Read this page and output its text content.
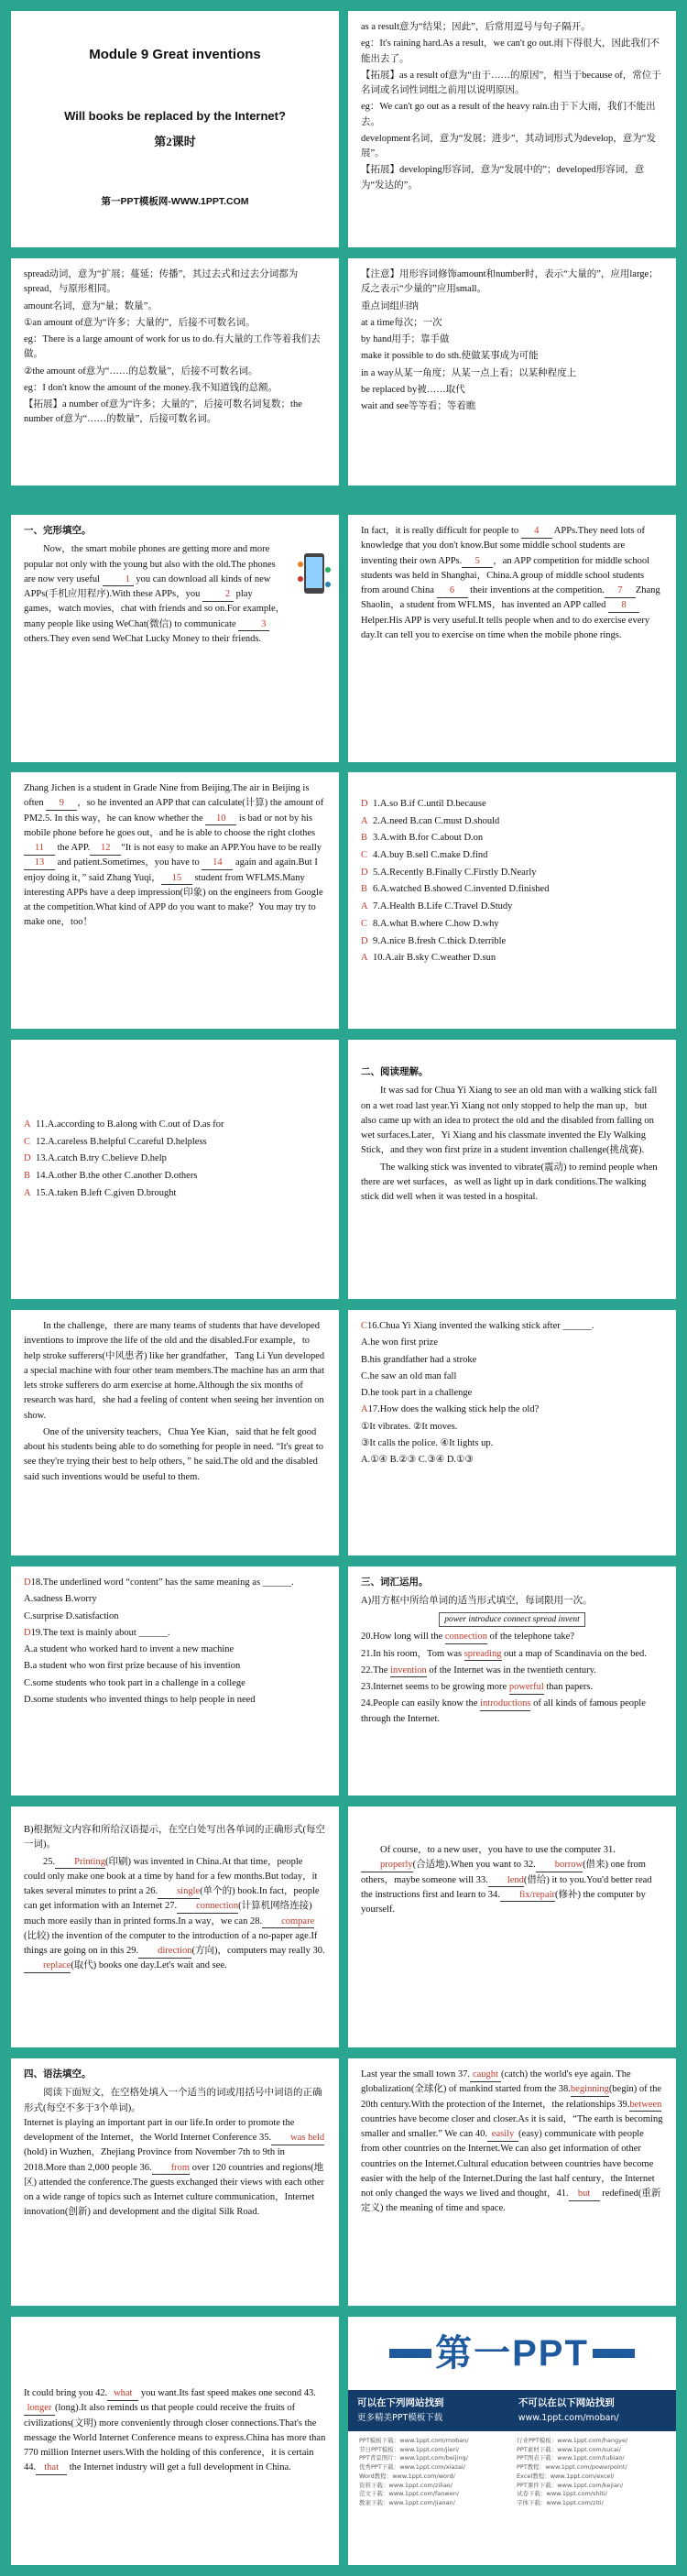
Module 9 Great inventions
Will books be replaced by the Internet?
第2课时
第一PPT模板网-WWW.1PPT.COM
as a result意为“结果；因此”，后常用逗号与句子隔开。
eg：It's raining hard.As a result，we can't go out.雨下得很大，因此我们不能出去了。
【拓展】as a result of意为“由于……的原因”，相当于because of，常位于名词或名词性词组之前用以说明原因。
eg：We can't go out as a result of the heavy rain.由于下大雨，我们不能出去。
development名词，意为“发展；进步”，其动词形式为develop，意为“发展”。
【拓展】developing形容词，意为“发展中的”；developed形容词，意为“发达的”。
spread动词，意为“扩展；蔓延；传播”，其过去式和过去分词都为spread，与原形相同。
amount名词，意为“量；数量”。
①an amount of意为“许多；大量的”，后接不可数名词。
eg：There is a large amount of work for us to do.有大量的工作等着我们去做。
②the amount of意为“……的总数量”，后接不可数名词。
eg：I don't know the amount of the money.我不知道钱的总额。
【拓展】a number of意为“许多；大量的”，后接可数名词复数；the number of意为“……的数量”，后接可数名词。
【注意】用形容词修饰amount和number时，表示“大量的”，应用large；反之表示“少量的”应用small。
重点词组归纳
at a time每次；一次
by hand用手；靠手做
make it possible to do sth.使做某事成为可能
in a way从某一角度；从某一点上看；以某种程度上
be replaced by被……取代
wait and see等等看；等着瞧
一、完形填空。
Now，the smart mobile phones are getting more and more popular not only with the young but also with the old.The phones are now very useful 1 you can download all kinds of new APPs(手机应用程序).With these APPs，you 2 play games，watch movies，chat with friends and so on.For example，many people like using WeChat(微信) to communicate 3 others.They even send WeChat Lucky Money to their friends.
In fact，it is really difficult for people to 4 APPs.They need lots of knowledge that you don't know.But some middle school students are inventing their own APPs. 5 ，an APP competition for middle school students was held in Shanghai，China.A group of middle school students from around China 6 their inventions at the competition. 7 Zhang Shaolin，a student from WFLMS，has invented an APP called 8 Helper.His APP is very useful.It tells people when and to do exercise every day.It can tell you to exercise on time when the mobile phone rings.
Zhang Jichen is a student in Grade Nine from Beijing.The air in Beijing is often 9 ，so he invented an APP that can calculate(计算) the amount of PM2.5. In this way，he can know whether the 10 is bad or not by his mobile phone before he goes out，and he is able to choose the right clothes 11 the APP. 12 “It is not easy to make an APP.You have to be really 13 and patient.Sometimes，you have to 14 again and again.But I enjoy doing it，” said Zhang Yuqi， 15 student from WFLMS.Many interesting APPs have a deep impression(印象) on the engineers from Google at the competition.What kind of APP do you want to make？You may try to make one，too！
D 1.A.so B.if C.until D.because
A 2.A.need B.can C.must D.should
B 3.A.with B.for C.about D.on
C 4.A.buy B.sell C.make D.find
D 5.A.Recently B.Finally C.Firstly D.Nearly
B 6.A.watched B.showed C.invented D.finished
A 7.A.Health B.Life C.Travel D.Study
C 8.A.what B.where C.how D.why
D 9.A.nice B.fresh C.thick D.terrible
A 10.A.air B.sky C.weather D.sun
A 11.A.according to B.along with C.out of D.as for
C 12.A.careless B.helpful C.careful D.helpless
D 13.A.catch B.try C.believe D.help
B 14.A.other B.the other C.another D.others
A 15.A.taken B.left C.given D.brought
二、阅读理解。
It was sad for Chua Yi Xiang to see an old man with a walking stick fall on a wet road last year.Yi Xiang not only stopped to help the man up，but also came up with an idea to protect the old and the disabled from falling on wet surfaces.Later，Yi Xiang and his classmate invented the Ely Walking Stick，and they won first prize in a student invention challenge(挑战赛).
The walking stick was invented to vibrate(震动) to remind people when there are wet surfaces，as well as light up in dark conditions.The walking stick did well when it was tested in a hospital.
In the challenge，there are many teams of students that have developed inventions to improve the life of the old and the disabled.For example，to help stroke sufferers(中风患者) like her grandfather，Tang Li Yun developed a special machine with four other team members.The machine has an arm that lets stroke sufferers do arm exercise at home.Although the six months of research was hard，she had a feeling of content when seeing her invention on show.
One of the university teachers，Chua Yee Kian，said that he felt good about his students being able to do something for people in need. “It's great to see they're trying their best to help others，” he said.The old and the disabled said such inventions would be useful to them.
C16.Chua Yi Xiang invented the walking stick after ______.
A.he won first prize
B.his grandfather had a stroke
C.he saw an old man fall
D.he took part in a challenge
A17.How does the walking stick help the old?
①It vibrates. ②It moves.
③It calls the police. ④It lights up.
A.①④ B.②③ C.③④ D.①③
D18.The underlined word “content” has the same meaning as ______.
A.sadness B.worry
C.surprise D.satisfaction
D19.The text is mainly about ______.
A.a student who worked hard to invent a new machine
B.a student who won first prize because of his invention
C.some students who took part in a challenge in a college
D.some students who invented things to help people in need
三、词汇运用。
A)用方框中所给单词的适当形式填空，每词限用一次。
power introduce connect spread invent
20.How long will the connection of the telephone take?
21.In his room，Tom was spreading out a map of Scandinavia on the bed.
22.The invention of the Internet was in the twentieth century.
23.Internet seems to be growing more powerful than papers.
24.People can easily know the introductions of all kinds of famous people through the Internet.
B)根据短文内容和所给汉语提示，在空白处写出各单词的正确形式(每空一词)。
25. Printing(印刷) was invented in China.At that time，people could only make one book at a time by hand for a few months.But today，it takes several minutes to print a 26. single(单个的) book.In fact，people can get information with an Internet 27. connection(计算机网络连接) much more easily than in printed forms.In a way，we can 28. compare(比较) the invention of the computer to the introduction of a no-paper age.If things are going on in this 29. direction(方向)，computers may really 30.replace(取代) books one day.Let's wait and see.
Of course，to a new user，you have to use the computer 31.properly(合适地).When you want to 32. borrow(借来) one from others，maybe someone will 33. lend(借给) it to you.You'd better read the instructions first and learn to 34. fix/repair(修补) the computer by yourself.
四、语法填空。
阅读下面短文，在空格处填入一个适当的词或用括号中词语的正确形式(每空不多于3个单词)。
Internet is playing an important part in our life.In order to promote the development of the Internet，the World Internet Conference 35. was held(hold) in Wuzhen，Zhejiang Province from November 7th to 9th in 2018.More than 2,000 people 36. from over 120 countries and regions(地区) attended the conference.The guests exchanged their views with each other on a wide range of topics such as Internet culture communication，Internet innovation(创新) and development and the digital Silk Road.
Last year the small town 37. caught (catch) the world's eye again. The globalization(全球化) of mankind started from the 38.beginning(begin) of the 20th century.With the protection of the Internet，the relationships 39.between countries have become closer and closer.As it is said，“The earth is becoming smaller and smaller.” We can 40. easily (easy) communicate with people from other countries on the Internet.We can also get information of other countries on the Internet.Cultural education between countries have become easier with the help of the Internet.During the last half century，the Internet not only changed the ways we lived and thought，41. but redefined(重新定义) the meaning of time and space.
It could bring you 42. what you want.Its fast speed makes one second 43.longer (long).It also reminds us that people could receive the fruits of civilizations(文明) more conveniently through closer connections.That's the message the World Internet Conference means to express.China has more than 770 million Internet users.With the holding of this conference，it is certain 44. that the Internet industry will get a full development in China.
第一PPT
可以在下列网站找到
更多精美PPT模板下载
不可以在以下网站找到
www.1ppt.com/moban/
PPT模板下载：www.1ppt.com/moban/
节日PPT模板：www.1ppt.com/jieri/
PPT背景图片：www.1ppt.com/beijing/
优秀PPT下载：www.1ppt.com/xiazai/
Word教程：www.1ppt.com/word/
资料下载：www.1ppt.com/ziliao/
范文下载：www.1ppt.com/fanwen/
教案下载：www.1ppt.com/jiaoan/
行业PPT模板：www.1ppt.com/hangye/
PPT素材下载：www.1ppt.com/sucai/
PPT图表下载：www.1ppt.com/tubiao/
PPT教程：www.1ppt.com/powerpoint/
Excel教程：www.1ppt.com/excel/
PPT课件下载：www.1ppt.com/kejian/
试卷下载：www.1ppt.com/shiti/
字体下载：www.1ppt.com/ziti/
